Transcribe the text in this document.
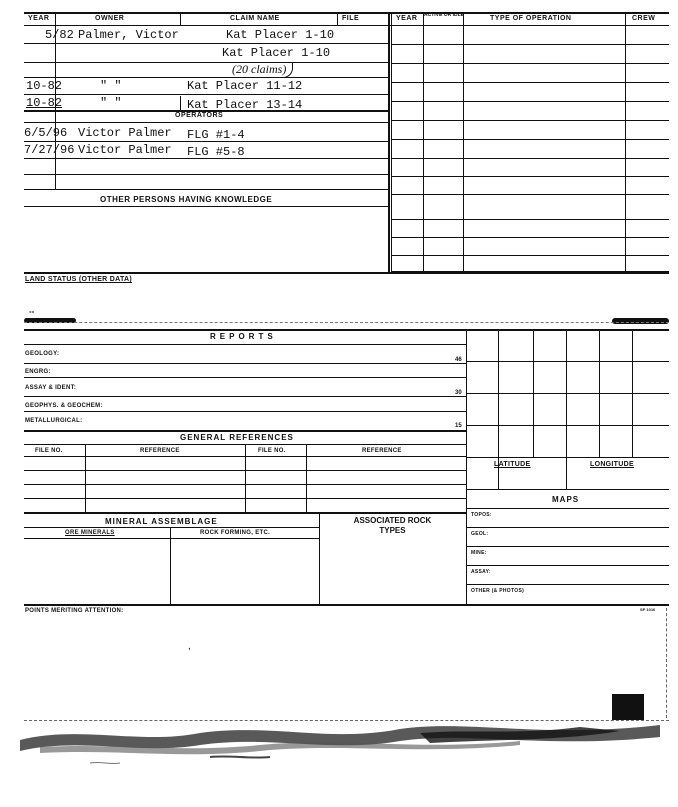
YEAR	OWNER	CLAIM NAME	FILE	YEAR ACTIVE OR IDLE	TYPE OF OPERATION	CREW
5/82 Palmer, Victor	Kat Placer 1-10
Kat Placer 1-10
(20 claims)
10-82	" "	Kat Placer 11-12
10-82	" "	Kat Placer 13-14
OPERATORS
6/5/96 Victor Palmer FLG #1-4
7/27/96 Victor Palmer FLG #5-8
OTHER PERSONS HAVING KNOWLEDGE
LAND STATUS (OTHER DATA)
--
REPORTS
GEOLOGY:
46
ENGRG:
ASSAY & IDENT:
30
GEOPHYS. & GEOCHEM:
METALLURGICAL:
15
GENERAL REFERENCES
FILE NO.	REFERENCE	FILE NO.	REFERENCE
LATITUDE	LONGITUDE
MAPS
TOPOS:
GEOL:
MINE:
ASSAY:
OTHER (& PHOTOS)
MINERAL ASSEMBLAGE
ORE MINERALS	ROCK FORMING, ETC.
ASSOCIATED ROCK TYPES
POINTS MERITING ATTENTION:	SP 1016
,
